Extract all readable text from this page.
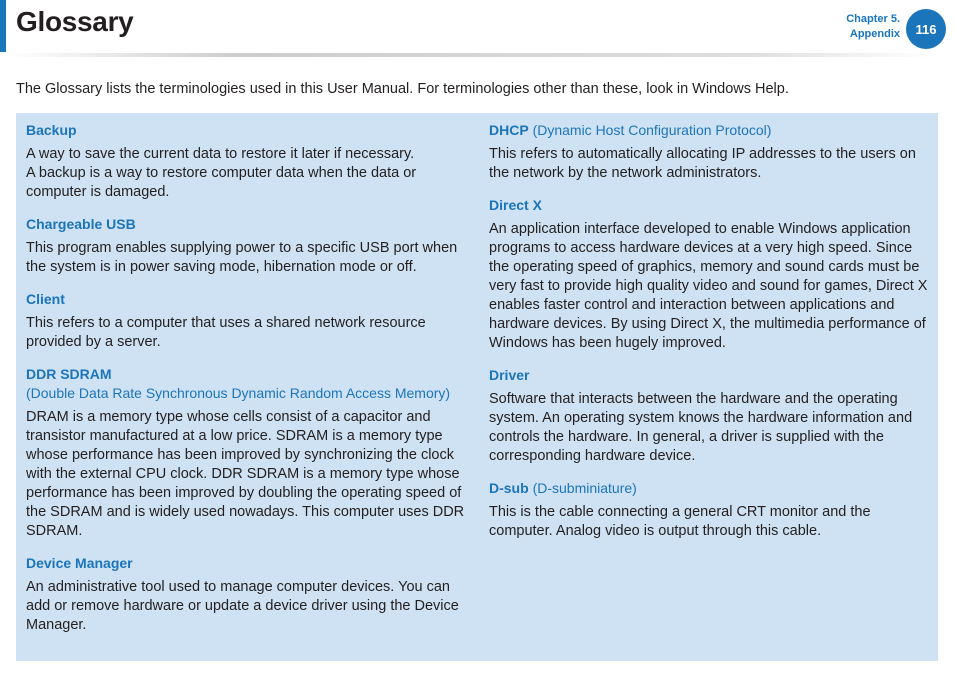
Glossary	Chapter 5.
Appendix	116
The Glossary lists the terminologies used in this User Manual. For terminologies other than these, look in Windows Help.
Backup

A way to save the current data to restore it later if necessary.

A backup is a way to restore computer data when the data or computer is damaged.

Chargeable USB

This program enables supplying power to a specific USB port when the system is in power saving mode, hibernation mode or off.

Client

This refers to a computer that uses a shared network resource provided by a server.

DDR SDRAM
(Double Data Rate Synchronous Dynamic Random Access Memory)

DRAM is a memory type whose cells consist of a capacitor and transistor manufactured at a low price. SDRAM is a memory type whose performance has been improved by synchronizing the clock with the external CPU clock. DDR SDRAM is a memory type whose performance has been improved by doubling the operating speed of the SDRAM and is widely used nowadays. This computer uses DDR SDRAM.

Device Manager

An administrative tool used to manage computer devices. You can add or remove hardware or update a device driver using the Device Manager.

DHCP (Dynamic Host Configuration Protocol)

This refers to automatically allocating IP addresses to the users on the network by the network administrators.

Direct X

An application interface developed to enable Windows application programs to access hardware devices at a very high speed. Since the operating speed of graphics, memory and sound cards must be very fast to provide high quality video and sound for games, Direct X enables faster control and interaction between applications and hardware devices. By using Direct X, the multimedia performance of Windows has been hugely improved.

Driver

Software that interacts between the hardware and the operating system. An operating system knows the hardware information and controls the hardware. In general, a driver is supplied with the corresponding hardware device.

D-sub (D-subminiature)

This is the cable connecting a general CRT monitor and the computer. Analog video is output through this cable.
